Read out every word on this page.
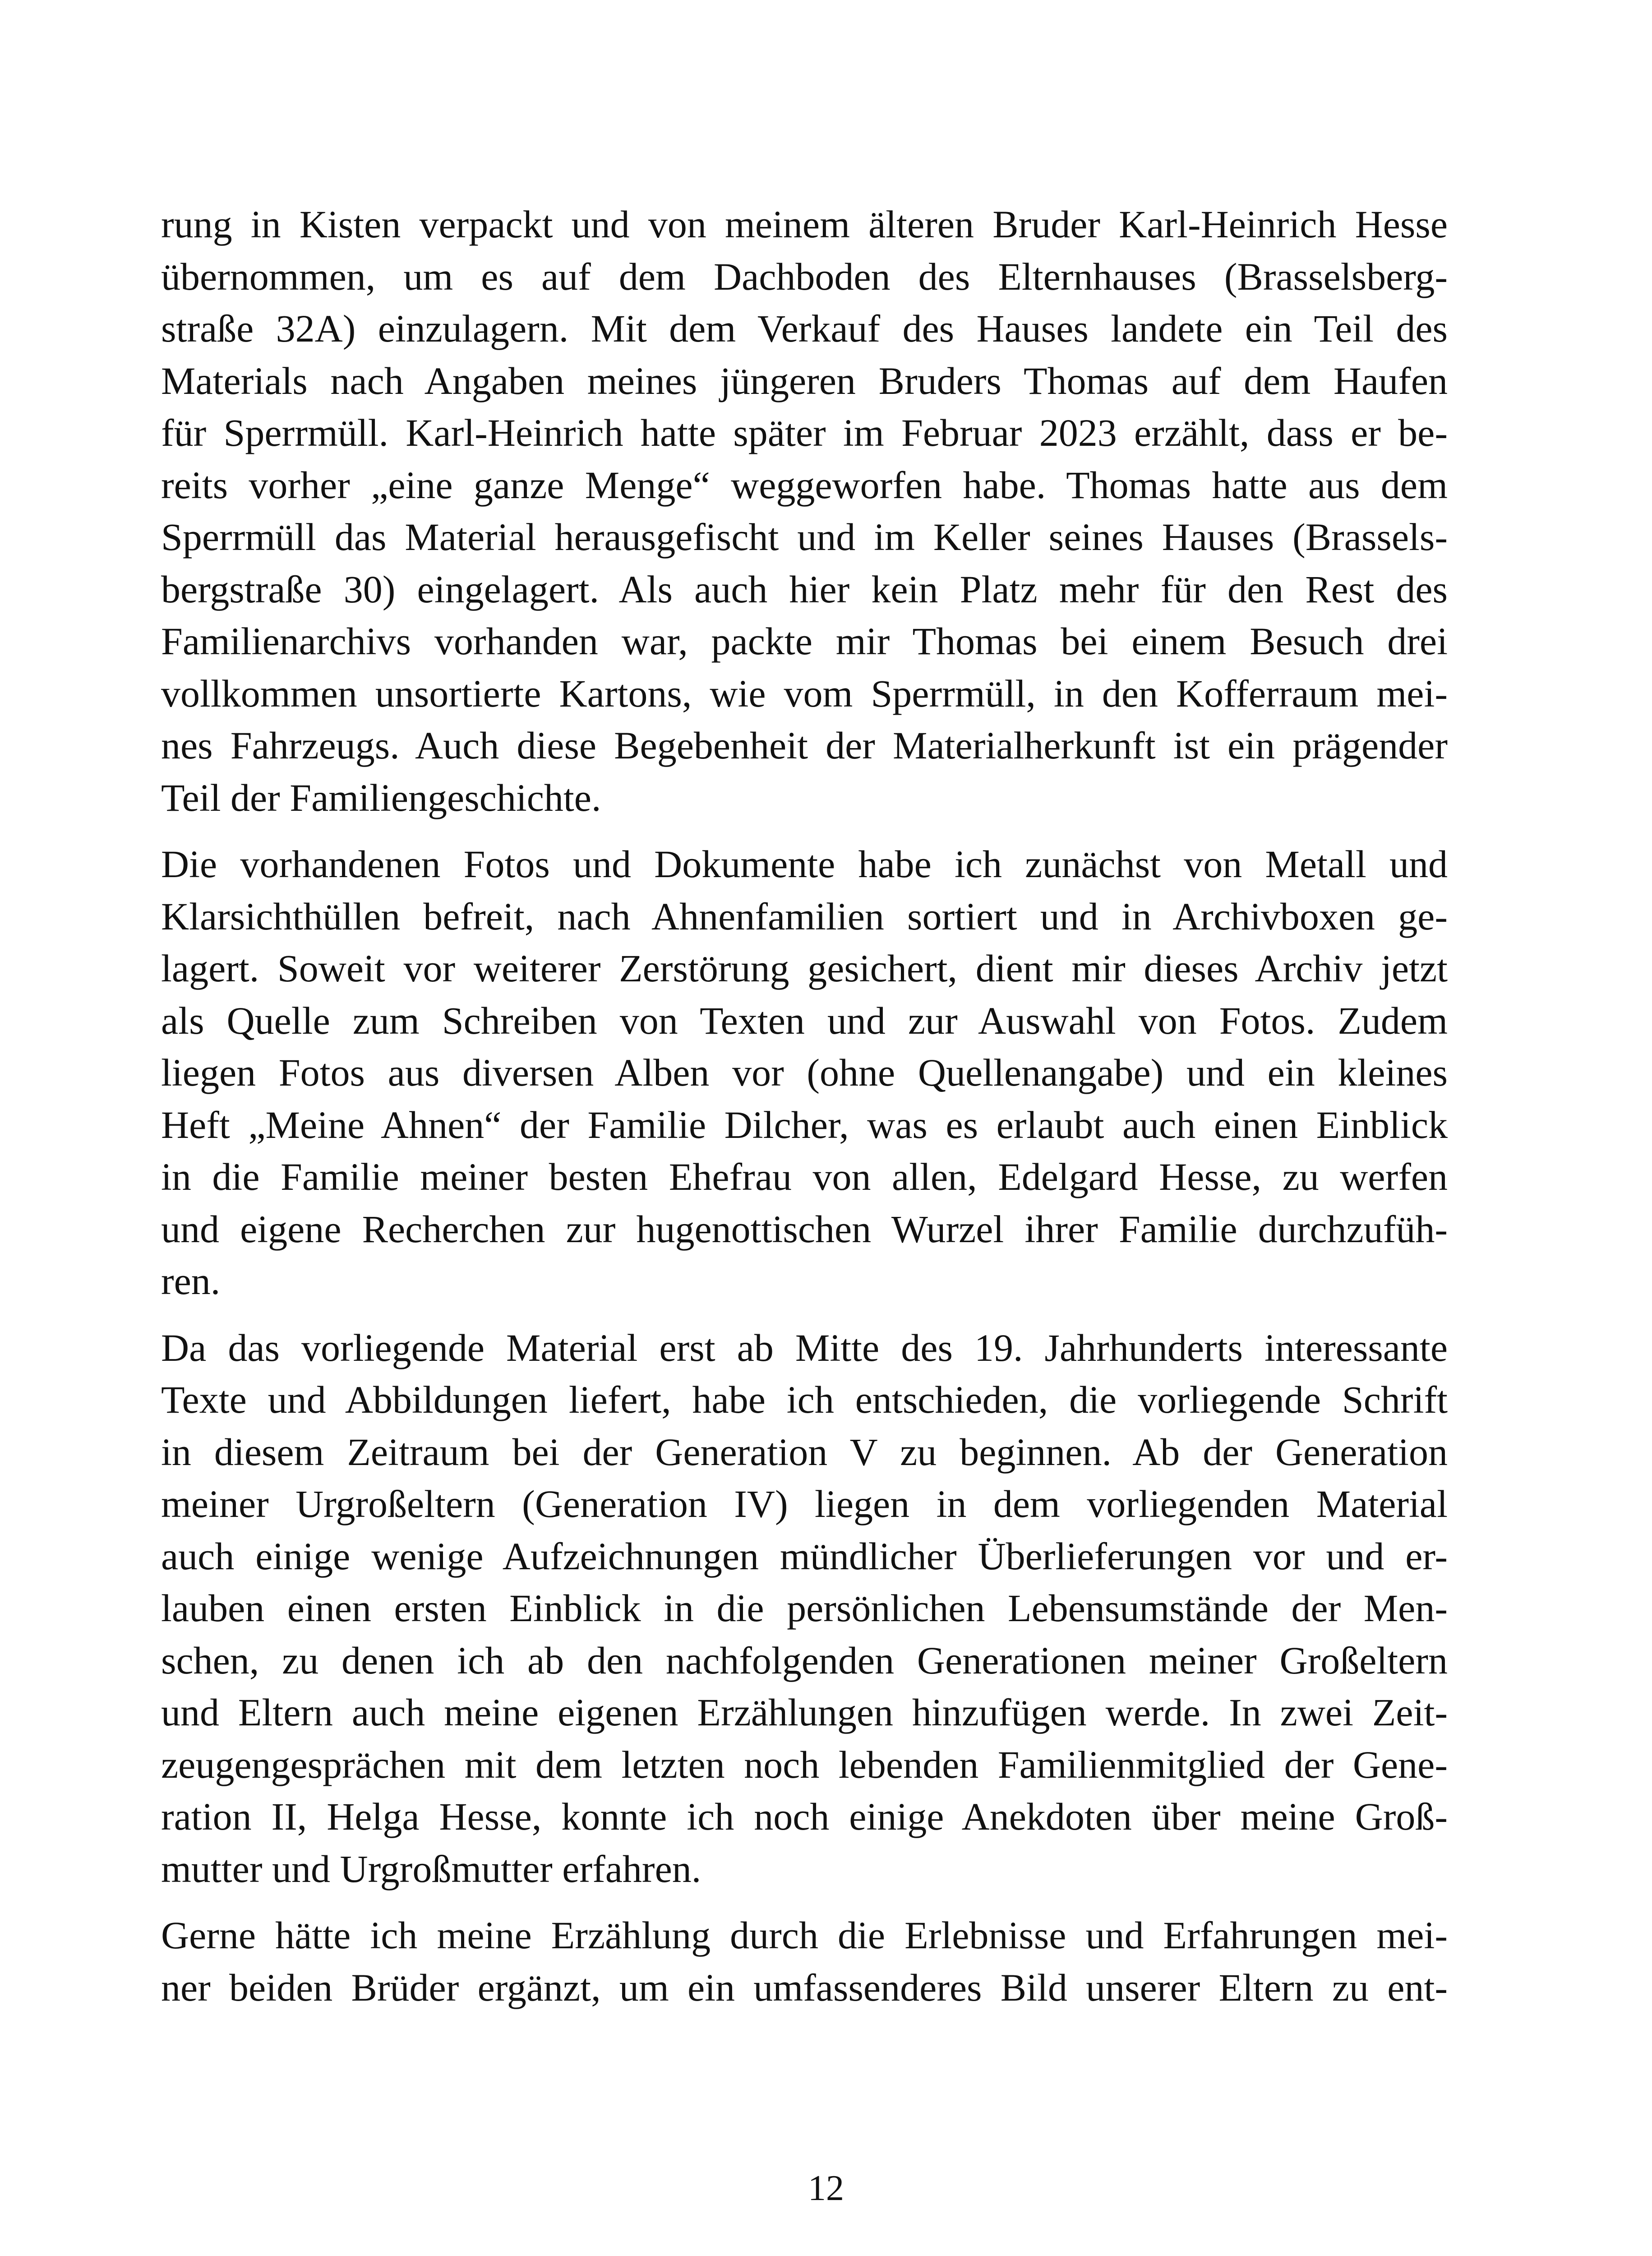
rung in Kisten verpackt und von meinem älteren Bruder Karl-Heinrich Hesse
übernommen, um es auf dem Dachboden des Elternhauses (Brasselsberg-
straße 32A) einzulagern. Mit dem Verkauf des Hauses landete ein Teil des
Materials nach Angaben meines jüngeren Bruders Thomas auf dem Haufen
für Sperrmüll. Karl-Heinrich hatte später im Februar 2023 erzählt, dass er be-
reits vorher „eine ganze Menge“ weggeworfen habe. Thomas hatte aus dem
Sperrmüll das Material herausgefischt und im Keller seines Hauses (Brassels-
bergstraße 30) eingelagert. Als auch hier kein Platz mehr für den Rest des
Familienarchivs vorhanden war, packte mir Thomas bei einem Besuch drei
vollkommen unsortierte Kartons, wie vom Sperrmüll, in den Kofferraum mei-
nes Fahrzeugs. Auch diese Begebenheit der Materialherkunft ist ein prägender
Teil der Familiengeschichte.

Die vorhandenen Fotos und Dokumente habe ich zunächst von Metall und
Klarsichthüllen befreit, nach Ahnenfamilien sortiert und in Archivboxen ge-
lagert. Soweit vor weiterer Zerstörung gesichert, dient mir dieses Archiv jetzt
als Quelle zum Schreiben von Texten und zur Auswahl von Fotos. Zudem
liegen Fotos aus diversen Alben vor (ohne Quellenangabe) und ein kleines
Heft „Meine Ahnen“ der Familie Dilcher, was es erlaubt auch einen Einblick
in die Familie meiner besten Ehefrau von allen, Edelgard Hesse, zu werfen
und eigene Recherchen zur hugenottischen Wurzel ihrer Familie durchzufüh-
ren.

Da das vorliegende Material erst ab Mitte des 19. Jahrhunderts interessante
Texte und Abbildungen liefert, habe ich entschieden, die vorliegende Schrift
in diesem Zeitraum bei der Generation V zu beginnen. Ab der Generation
meiner Urgroßeltern (Generation IV) liegen in dem vorliegenden Material
auch einige wenige Aufzeichnungen mündlicher Überlieferungen vor und er-
lauben einen ersten Einblick in die persönlichen Lebensumstände der Men-
schen, zu denen ich ab den nachfolgenden Generationen meiner Großeltern
und Eltern auch meine eigenen Erzählungen hinzufügen werde. In zwei Zeit-
zeugengesprächen mit dem letzten noch lebenden Familienmitglied der Gene-
ration II, Helga Hesse, konnte ich noch einige Anekdoten über meine Groß-
mutter und Urgroßmutter erfahren.

Gerne hätte ich meine Erzählung durch die Erlebnisse und Erfahrungen mei-
ner beiden Brüder ergänzt, um ein umfassenderes Bild unserer Eltern zu ent-

12
